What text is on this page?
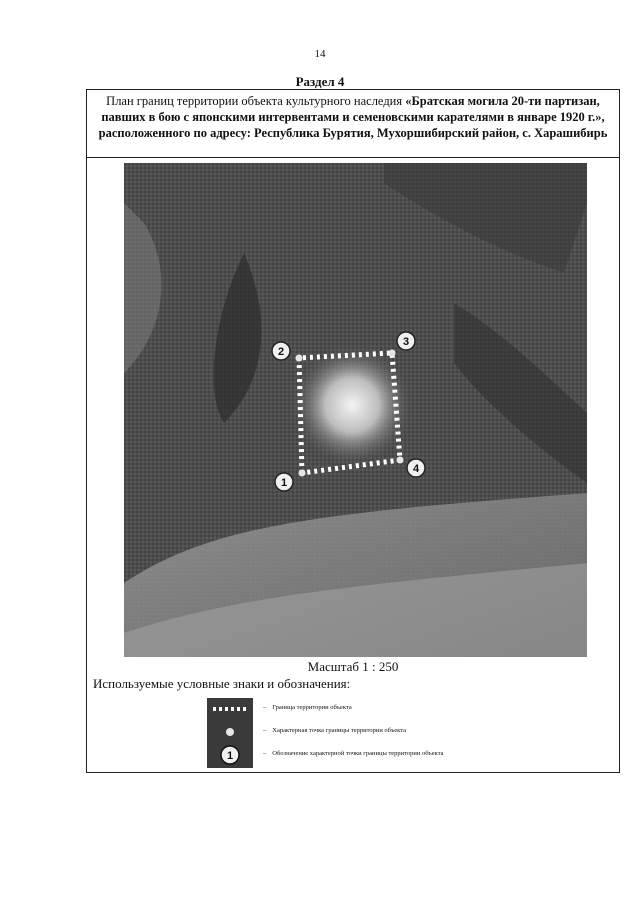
14
Раздел 4
План границ территории объекта культурного наследия «Братская могила 20-ти партизан, павших в бою с японскими интервентами и семеновскими карателями в январе 1920 г.», расположенного по адресу: Республика Бурятия, Мухоршибирский район, с. Харашибирь
1
2
3
4
Масштаб 1 : 250
Используемые условные знаки и обозначения:
1
– Граница территории объекта
– Характерная точка границы территории объекта
– Обозначение характерной точки границы территории объекта
